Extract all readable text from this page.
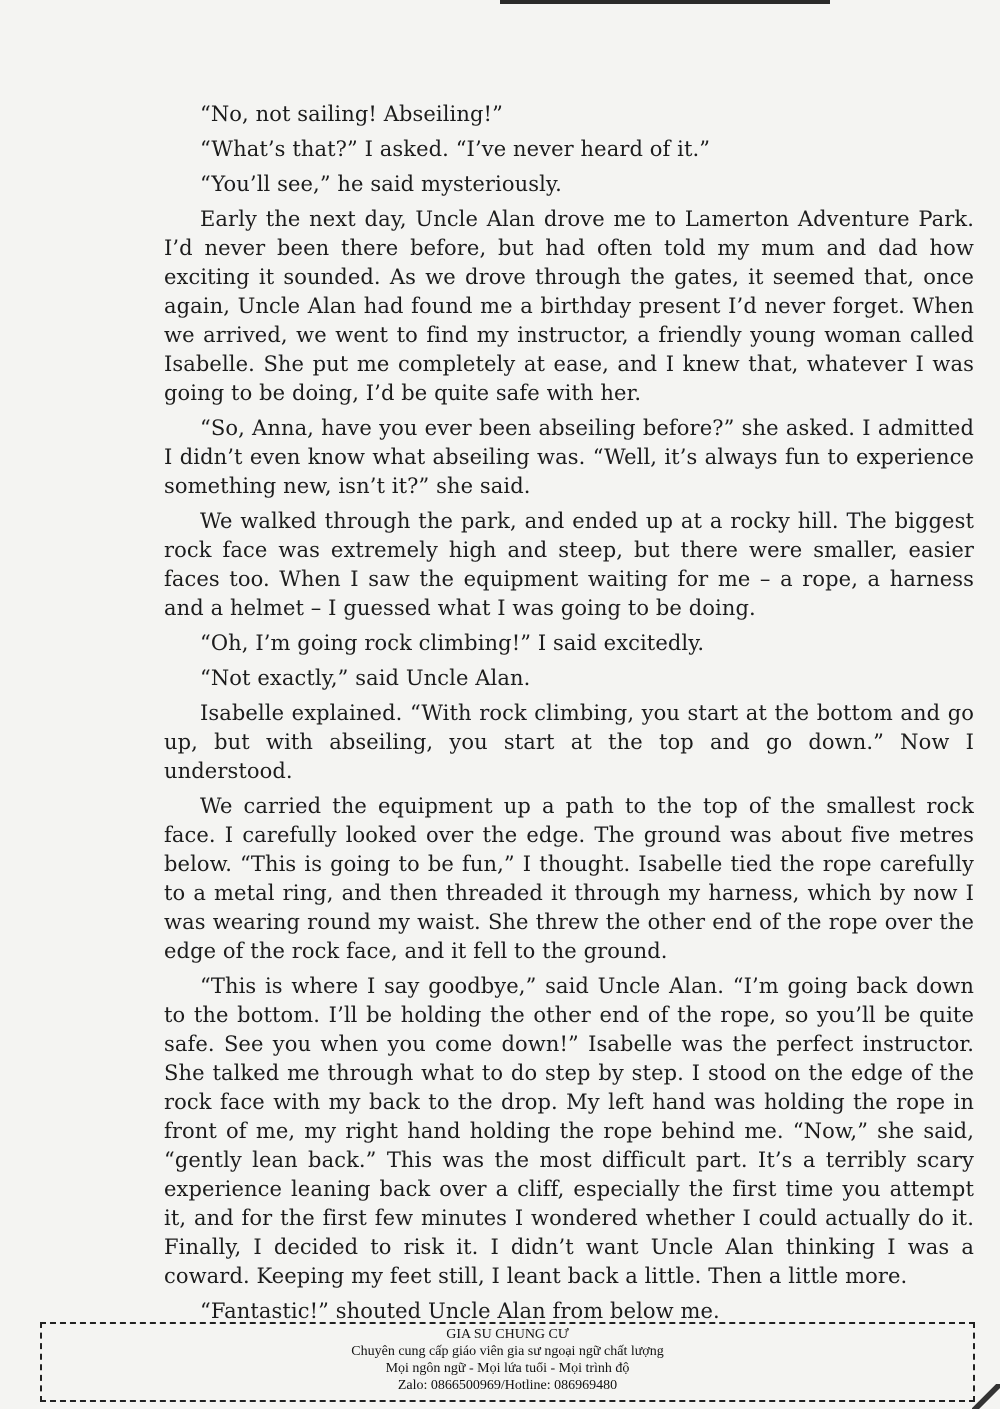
“No, not sailing! Abseiling!”

“What’s that?” I asked. “I’ve never heard of it.”

“You’ll see,” he said mysteriously.

Early the next day, Uncle Alan drove me to Lamerton Adventure Park. I’d never been there before, but had often told my mum and dad how exciting it sounded. As we drove through the gates, it seemed that, once again, Uncle Alan had found me a birthday present I’d never forget. When we arrived, we went to find my instructor, a friendly young woman called Isabelle. She put me completely at ease, and I knew that, whatever I was going to be doing, I’d be quite safe with her.

“So, Anna, have you ever been abseiling before?” she asked. I admitted I didn’t even know what abseiling was. “Well, it’s always fun to experience something new, isn’t it?” she said.

We walked through the park, and ended up at a rocky hill. The biggest rock face was extremely high and steep, but there were smaller, easier faces too. When I saw the equipment waiting for me – a rope, a harness and a helmet – I guessed what I was going to be doing.

“Oh, I’m going rock climbing!” I said excitedly.

“Not exactly,” said Uncle Alan.

Isabelle explained. “With rock climbing, you start at the bottom and go up, but with abseiling, you start at the top and go down.” Now I understood.

We carried the equipment up a path to the top of the smallest rock face. I carefully looked over the edge. The ground was about five metres below. “This is going to be fun,” I thought. Isabelle tied the rope carefully to a metal ring, and then threaded it through my harness, which by now I was wearing round my waist. She threw the other end of the rope over the edge of the rock face, and it fell to the ground.

“This is where I say goodbye,” said Uncle Alan. “I’m going back down to the bottom. I’ll be holding the other end of the rope, so you’ll be quite safe. See you when you come down!” Isabelle was the perfect instructor. She talked me through what to do step by step. I stood on the edge of the rock face with my back to the drop. My left hand was holding the rope in front of me, my right hand holding the rope behind me. “Now,” she said, “gently lean back.” This was the most difficult part. It’s a terribly scary experience leaning back over a cliff, especially the first time you attempt it, and for the first few minutes I wondered whether I could actually do it. Finally, I decided to risk it. I didn’t want Uncle Alan thinking I was a coward. Keeping my feet still, I leant back a little. Then a little more.

“Fantastic!” shouted Uncle Alan from below me.

GIA SU CHUNG CƯ
Chuyên cung cấp giáo viên gia sư ngoại ngữ chất lượng
Mọi ngôn ngữ - Mọi lứa tuổi - Mọi trình độ
Zalo: 0866500969/Hotline: 086969480
